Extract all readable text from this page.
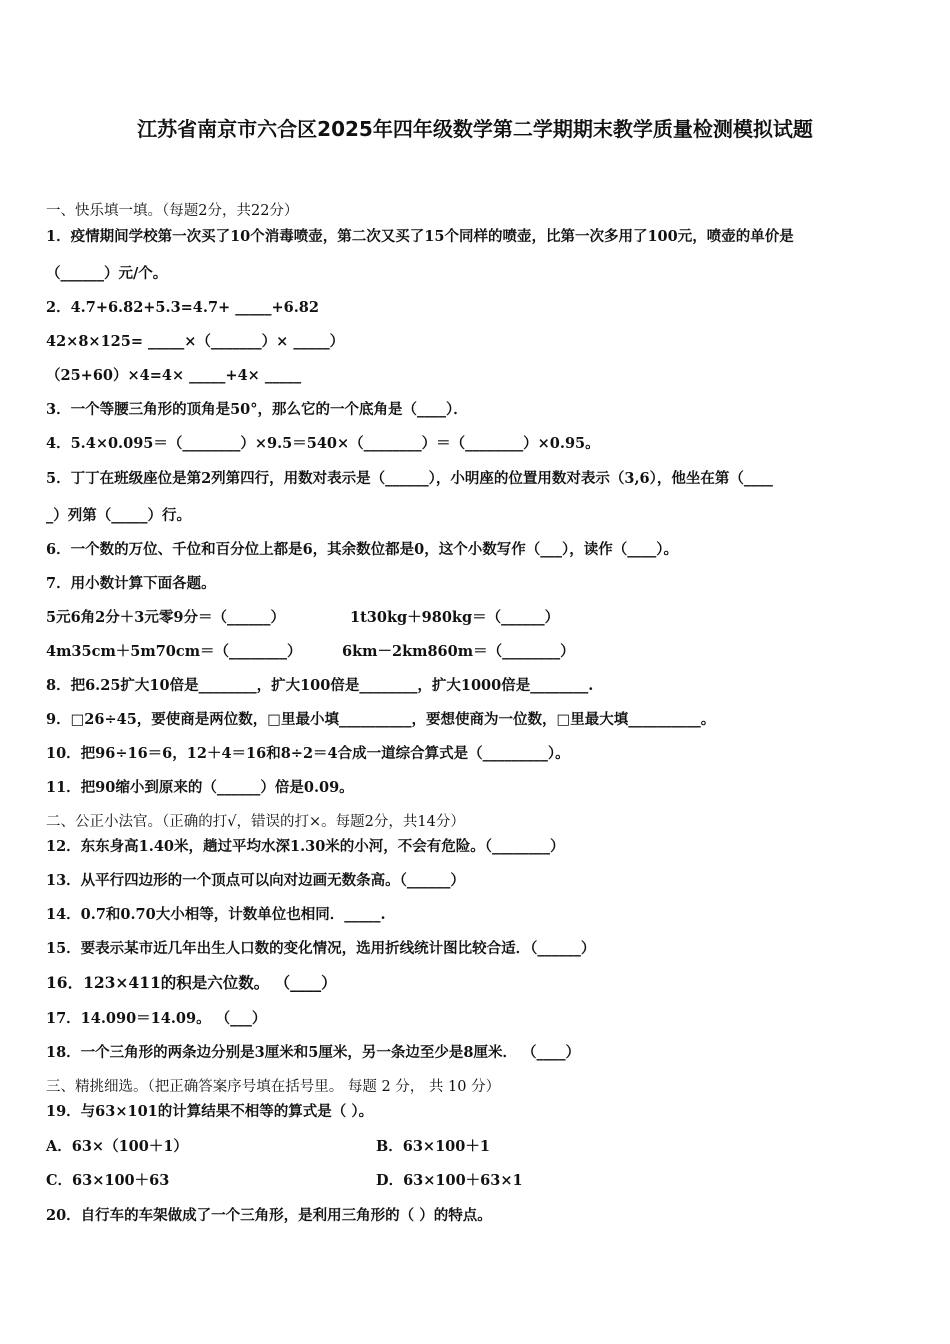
江苏省南京市六合区2025年四年级数学第二学期期末教学质量检测模拟试题
一、快乐填一填。（每题2分，共22分）
1．疫情期间学校第一次买了10个消毒喷壶，第二次又买了15个同样的喷壶，比第一次多用了100元，喷壶的单价是
（______）元/个。
2．4.7+6.82+5.3=4.7+ _____+6.82
42×8×125= _____×（_______）× _____）
（25+60）×4=4× _____+4× _____
3．一个等腰三角形的顶角是50°，那么它的一个底角是（____）．
4．5.4×0.095＝（________）×9.5＝540×（________）＝（________）×0.95。
5．丁丁在班级座位是第2列第四行，用数对表示是（______），小明座的位置用数对表示（3,6），他坐在第（____
_）列第（_____）行。
6．一个数的万位、千位和百分位上都是6，其余数位都是0，这个小数写作（___），读作（____）。
7．用小数计算下面各题。
5元6角2分＋3元零9分＝（______）	1t30kg＋980kg＝（______）
4m35cm＋5m70cm＝（________）	6km－2km860m＝（________）
8．把6.25扩大10倍是________，扩大100倍是________，扩大1000倍是________.
9．□26÷45，要使商是两位数，□里最小填__________，要想使商为一位数，□里最大填__________。
10．把96÷16＝6，12＋4＝16和8÷2＝4合成一道综合算式是（_________）。
11．把90缩小到原来的（______）倍是0.09。
二、公正小法官。（正确的打√，错误的打×。每题2分，共14分）
12．东东身高1.40米，趟过平均水深1.30米的小河，不会有危险。（________）
13．从平行四边形的一个顶点可以向对边画无数条高。（______）
14．0.7和0.70大小相等，计数单位也相同．_____.
15．要表示某市近几年出生人口数的变化情况，选用折线统计图比较合适．（______）
16．123×411的积是六位数。 （____）
17．14.090＝14.09。 （___）
18．一个三角形的两条边分别是3厘米和5厘米，另一条边至少是8厘米． （____）
三、精挑细选。（把正确答案序号填在括号里。 每题 2 分， 共 10 分）
19．与63×101的计算结果不相等的算式是（ ）。
A．63×（100＋1）	B．63×100＋1
C．63×100＋63	D．63×100＋63×1
20．自行车的车架做成了一个三角形，是利用三角形的（ ）的特点。
